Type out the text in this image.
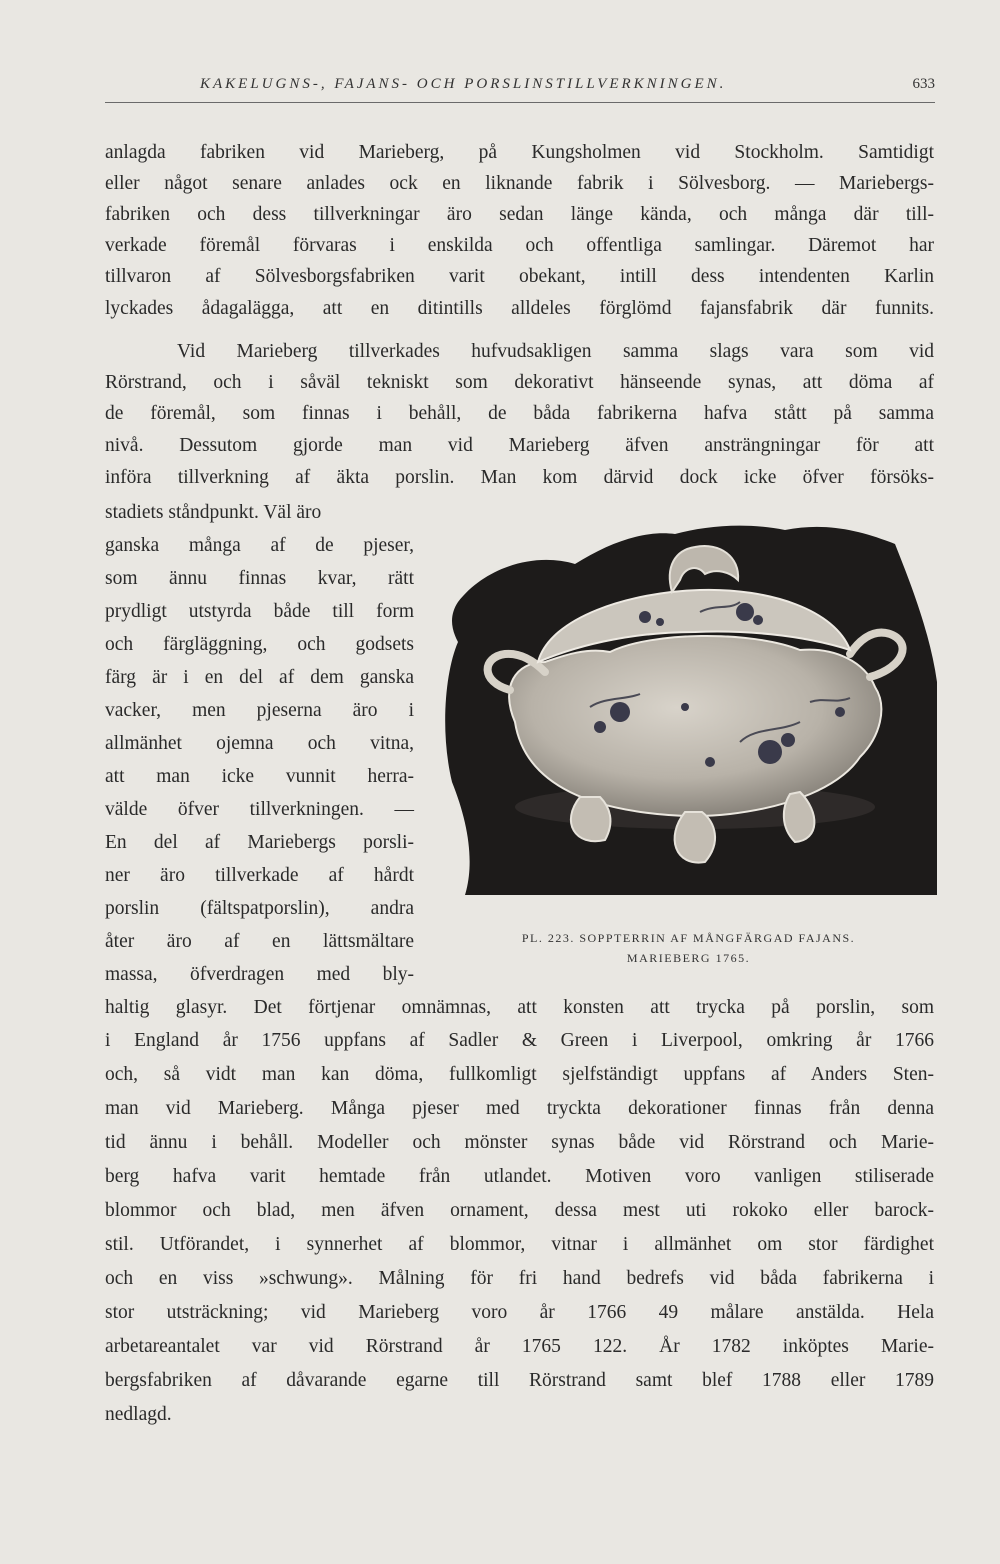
KAKELUGNS-, FAJANS- OCH PORSLINSTILLVERKNINGEN.	633
anlagda fabriken vid Marieberg, på Kungsholmen vid Stockholm. Samtidigt
eller något senare anlades ock en liknande fabrik i Sölvesborg. — Mariebergs-
fabriken och dess tillverkningar äro sedan länge kända, och många där till-
verkade föremål förvaras i enskilda och offentliga samlingar. Däremot har
tillvaron af Sölvesborgsfabriken varit obekant, intill dess intendenten Karlin
lyckades ådagalägga, att en ditintills alldeles förglömd fajansfabrik där funnits.
Vid Marieberg tillverkades hufvudsakligen samma slags vara som vid
Rörstrand, och i såväl tekniskt som dekorativt hänseende synas, att döma af
de föremål, som finnas i behåll, de båda fabrikerna hafva stått på samma
nivå. Dessutom gjorde man vid Marieberg äfven ansträngningar för att
införa tillverkning af äkta porslin. Man kom därvid dock icke öfver försöks-
stadiets ståndpunkt. Väl äro
ganska många af de pjeser,
som ännu finnas kvar, rätt
prydligt utstyrda både till form
och färgläggning, och godsets
färg är i en del af dem ganska
vacker, men pjeserna äro i
allmänhet ojemna och vitna,
att man icke vunnit herra-
välde öfver tillverkningen. —
En del af Mariebergs porsli-
ner äro tillverkade af hårdt
porslin (fältspatporslin), andra
åter äro af en lättsmältare
massa, öfverdragen med bly-
haltig glasyr. Det förtjenar omnämnas, att konsten att trycka på porslin, som
i England år 1756 uppfans af Sadler & Green i Liverpool, omkring år 1766
och, så vidt man kan döma, fullkomligt sjelfständigt uppfans af Anders Sten-
man vid Marieberg. Många pjeser med tryckta dekorationer finnas från denna
tid ännu i behåll. Modeller och mönster synas både vid Rörstrand och Marie-
berg hafva varit hemtade från utlandet. Motiven voro vanligen stiliserade
blommor och blad, men äfven ornament, dessa mest uti rokoko eller barock-
stil. Utförandet, i synnerhet af blommor, vitnar i allmänhet om stor färdighet
och en viss »schwung». Målning för fri hand bedrefs vid båda fabrikerna i
stor utsträckning; vid Marieberg voro år 1766 49 målare anstälda. Hela
arbetareantalet var vid Rörstrand år 1765 122. År 1782 inköptes Marie-
bergsfabriken af dåvarande egarne till Rörstrand samt blef 1788 eller 1789
nedlagd.
PL. 223. SOPPTERRIN AF MÅNGFÄRGAD FAJANS.
MARIEBERG 1765.
